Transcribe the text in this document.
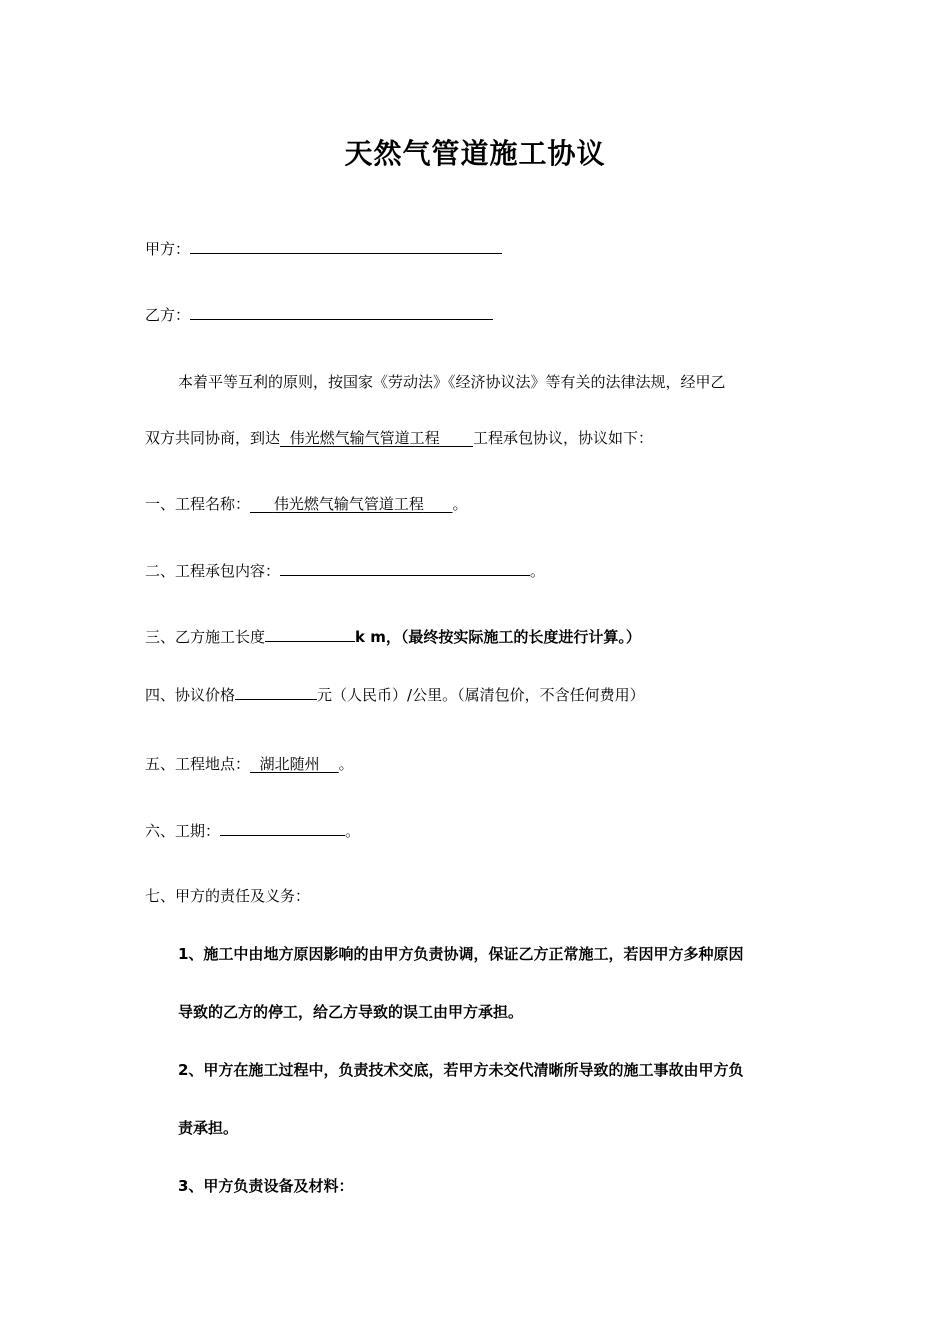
天然气管道施工协议
甲方：
乙方：
本着平等互利的原则，按国家《劳动法》《经济协议法》等有关的法律法规，经甲乙
双方共同协商，到达 伟光燃气输气管道工程 工程承包协议，协议如下：
一、工程名称： 伟光燃气输气管道工程 。
二、工程承包内容：	。
三、乙方施工长度	k m，（最终按实际施工的长度进行计算。）
四、协议价格	元（人民币）/公里。（属清包价，不含任何费用）
五、工程地点： 湖北随州 。
六、工期：	。
七、甲方的责任及义务：
1、施工中由地方原因影响的由甲方负责协调，保证乙方正常施工，若因甲方多种原因
导致的乙方的停工，给乙方导致的误工由甲方承担。
2、甲方在施工过程中，负责技术交底，若甲方未交代清晰所导致的施工事故由甲方负
责承担。
3、甲方负责设备及材料：
